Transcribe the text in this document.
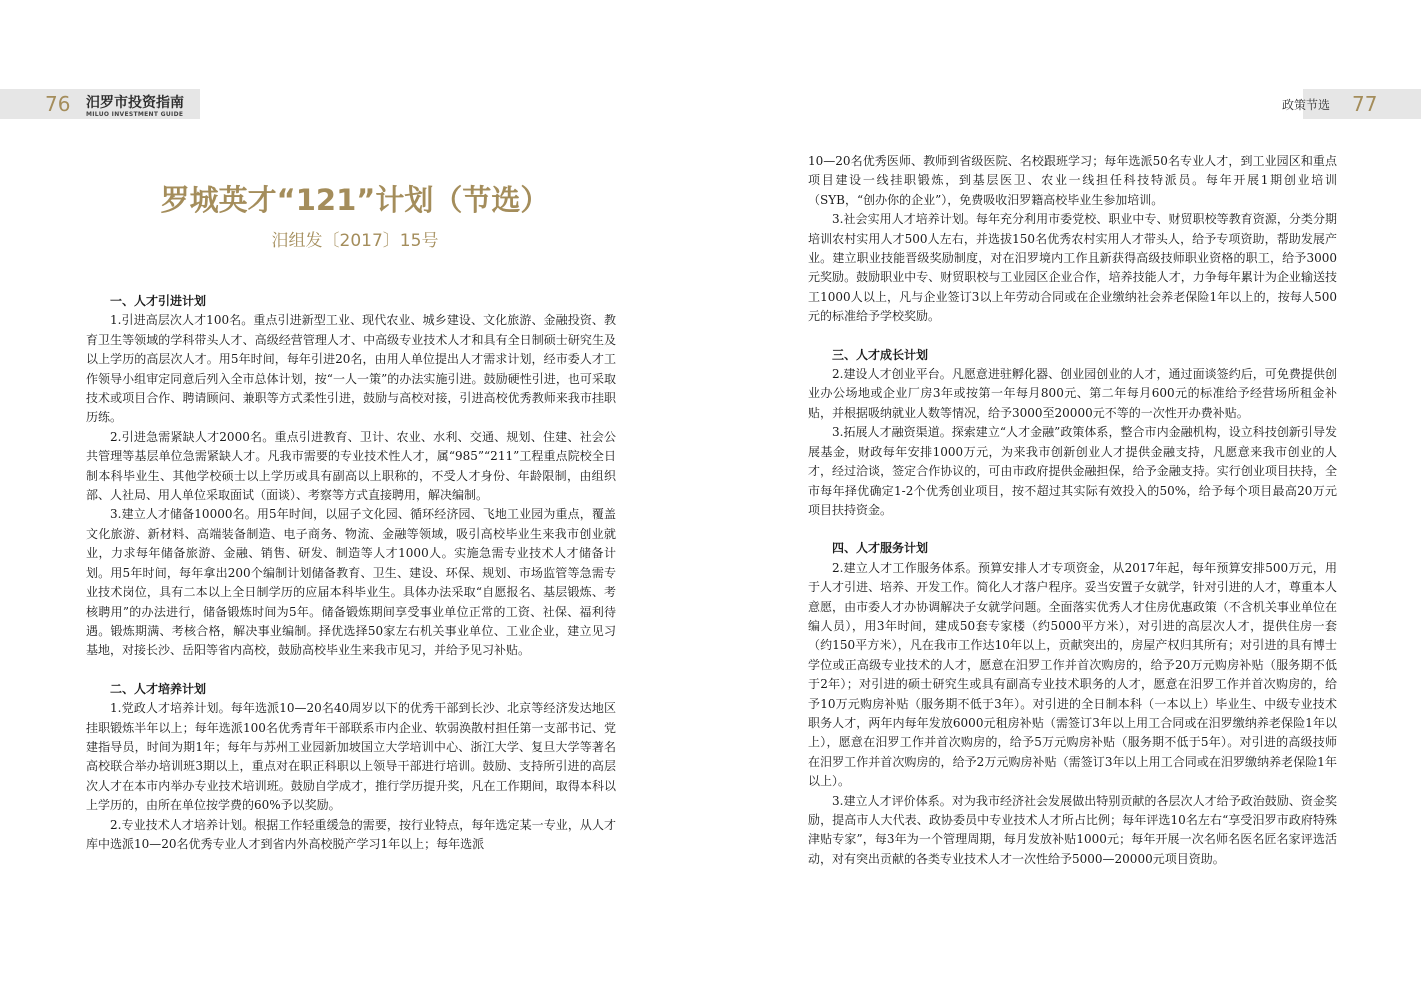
76 汨罗市投资指南
MILUO INVESTMENT GUIDE
政策节选 77
罗城英才“121”计划（节选）
汨组发〔2017〕15号
一、人才引进计划

1.引进高层次人才100名。重点引进新型工业、现代农业、城乡建设、文化旅游、金融投资、教育卫生等领域的学科带头人才、高级经营管理人才、中高级专业技术人才和具有全日制硕士研究生及以上学历的高层次人才。用5年时间，每年引进20名，由用人单位提出人才需求计划，经市委人才工作领导小组审定同意后列入全市总体计划，按“一人一策”的办法实施引进。鼓励硬性引进，也可采取技术或项目合作、聘请顾问、兼职等方式柔性引进，鼓励与高校对接，引进高校优秀教师来我市挂职历练。

2.引进急需紧缺人才2000名。重点引进教育、卫计、农业、水利、交通、规划、住建、社会公共管理等基层单位急需紧缺人才。凡我市需要的专业技术性人才，属“985”“211”工程重点院校全日制本科毕业生、其他学校硕士以上学历或具有副高以上职称的，不受人才身份、年龄限制，由组织部、人社局、用人单位采取面试（面谈）、考察等方式直接聘用，解决编制。

3.建立人才储备10000名。用5年时间，以屈子文化园、循环经济园、飞地工业园为重点，覆盖文化旅游、新材料、高端装备制造、电子商务、物流、金融等领域，吸引高校毕业生来我市创业就业，力求每年储备旅游、金融、销售、研发、制造等人才1000人。实施急需专业技术人才储备计划。用5年时间，每年拿出200个编制计划储备教育、卫生、建设、环保、规划、市场监管等急需专业技术岗位，具有二本以上全日制学历的应届本科毕业生。具体办法采取“自愿报名、基层锻炼、考核聘用”的办法进行，储备锻炼时间为5年。储备锻炼期间享受事业单位正常的工资、社保、福利待遇。锻炼期满、考核合格，解决事业编制。择优选择50家左右机关事业单位、工业企业，建立见习基地，对接长沙、岳阳等省内高校，鼓励高校毕业生来我市见习，并给予见习补贴。

二、人才培养计划

1.党政人才培养计划。每年选派10—20名40周岁以下的优秀干部到长沙、北京等经济发达地区挂职锻炼半年以上；每年选派100名优秀青年干部联系市内企业、软弱涣散村担任第一支部书记、党建指导员，时间为期1年；每年与苏州工业园新加坡国立大学培训中心、浙江大学、复旦大学等著名高校联合举办培训班3期以上，重点对在职正科职以上领导干部进行培训。鼓励、支持所引进的高层次人才在本市内举办专业技术培训班。鼓励自学成才，推行学历提升奖，凡在工作期间，取得本科以上学历的，由所在单位按学费的60%予以奖励。

2.专业技术人才培养计划。根据工作轻重缓急的需要，按行业特点，每年选定某一专业，从人才库中选派10—20名优秀专业人才到省内外高校脱产学习1年以上；每年选派

10—20名优秀医师、教师到省级医院、名校跟班学习；每年选派50名专业人才，到工业园区和重点项目建设一线挂职锻炼，到基层医卫、农业一线担任科技特派员。每年开展1期创业培训（SYB，“创办你的企业”），免费吸收汨罗籍高校毕业生参加培训。

3.社会实用人才培养计划。每年充分利用市委党校、职业中专、财贸职校等教育资源，分类分期培训农村实用人才500人左右，并选拔150名优秀农村实用人才带头人，给予专项资助，帮助发展产业。建立职业技能晋级奖励制度，对在汨罗境内工作且新获得高级技师职业资格的职工，给予3000元奖励。鼓励职业中专、财贸职校与工业园区企业合作，培养技能人才，力争每年累计为企业输送技工1000人以上，凡与企业签订3以上年劳动合同或在企业缴纳社会养老保险1年以上的，按每人500元的标准给予学校奖励。

三、人才成长计划

2.建设人才创业平台。凡愿意进驻孵化器、创业园创业的人才，通过面谈签约后，可免费提供创业办公场地或企业厂房3年或按第一年每月800元、第二年每月600元的标准给予经营场所租金补贴，并根据吸纳就业人数等情况，给予3000至20000元不等的一次性开办费补贴。

3.拓展人才融资渠道。探索建立“人才金融”政策体系，整合市内金融机构，设立科技创新引导发展基金，财政每年安排1000万元，为来我市创新创业人才提供金融支持，凡愿意来我市创业的人才，经过洽谈，签定合作协议的，可由市政府提供金融担保，给予金融支持。实行创业项目扶持，全市每年择优确定1-2个优秀创业项目，按不超过其实际有效投入的50%，给予每个项目最高20万元项目扶持资金。

四、人才服务计划

2.建立人才工作服务体系。预算安排人才专项资金，从2017年起，每年预算安排500万元，用于人才引进、培养、开发工作。简化人才落户程序。妥当安置子女就学，针对引进的人才，尊重本人意愿，由市委人才办协调解决子女就学问题。全面落实优秀人才住房优惠政策（不含机关事业单位在编人员），用3年时间，建成50套专家楼（约5000平方米），对引进的高层次人才，提供住房一套（约150平方米），凡在我市工作达10年以上，贡献突出的，房屋产权归其所有；对引进的具有博士学位或正高级专业技术的人才，愿意在汨罗工作并首次购房的，给予20万元购房补贴（服务期不低于2年）；对引进的硕士研究生或具有副高专业技术职务的人才，愿意在汨罗工作并首次购房的，给予10万元购房补贴（服务期不低于3年）。对引进的全日制本科（一本以上）毕业生、中级专业技术职务人才，两年内每年发放6000元租房补贴（需签订3年以上用工合同或在汨罗缴纳养老保险1年以上），愿意在汨罗工作并首次购房的，给予5万元购房补贴（服务期不低于5年）。对引进的高级技师在汨罗工作并首次购房的，给予2万元购房补贴（需签订3年以上用工合同或在汨罗缴纳养老保险1年以上）。

3.建立人才评价体系。对为我市经济社会发展做出特别贡献的各层次人才给予政治鼓励、资金奖励，提高市人大代表、政协委员中专业技术人才所占比例；每年评选10名左右“享受汨罗市政府特殊津贴专家”，每3年为一个管理周期，每月发放补贴1000元；每年开展一次名师名医名匠名家评选活动，对有突出贡献的各类专业技术人才一次性给予5000—20000元项目资助。
